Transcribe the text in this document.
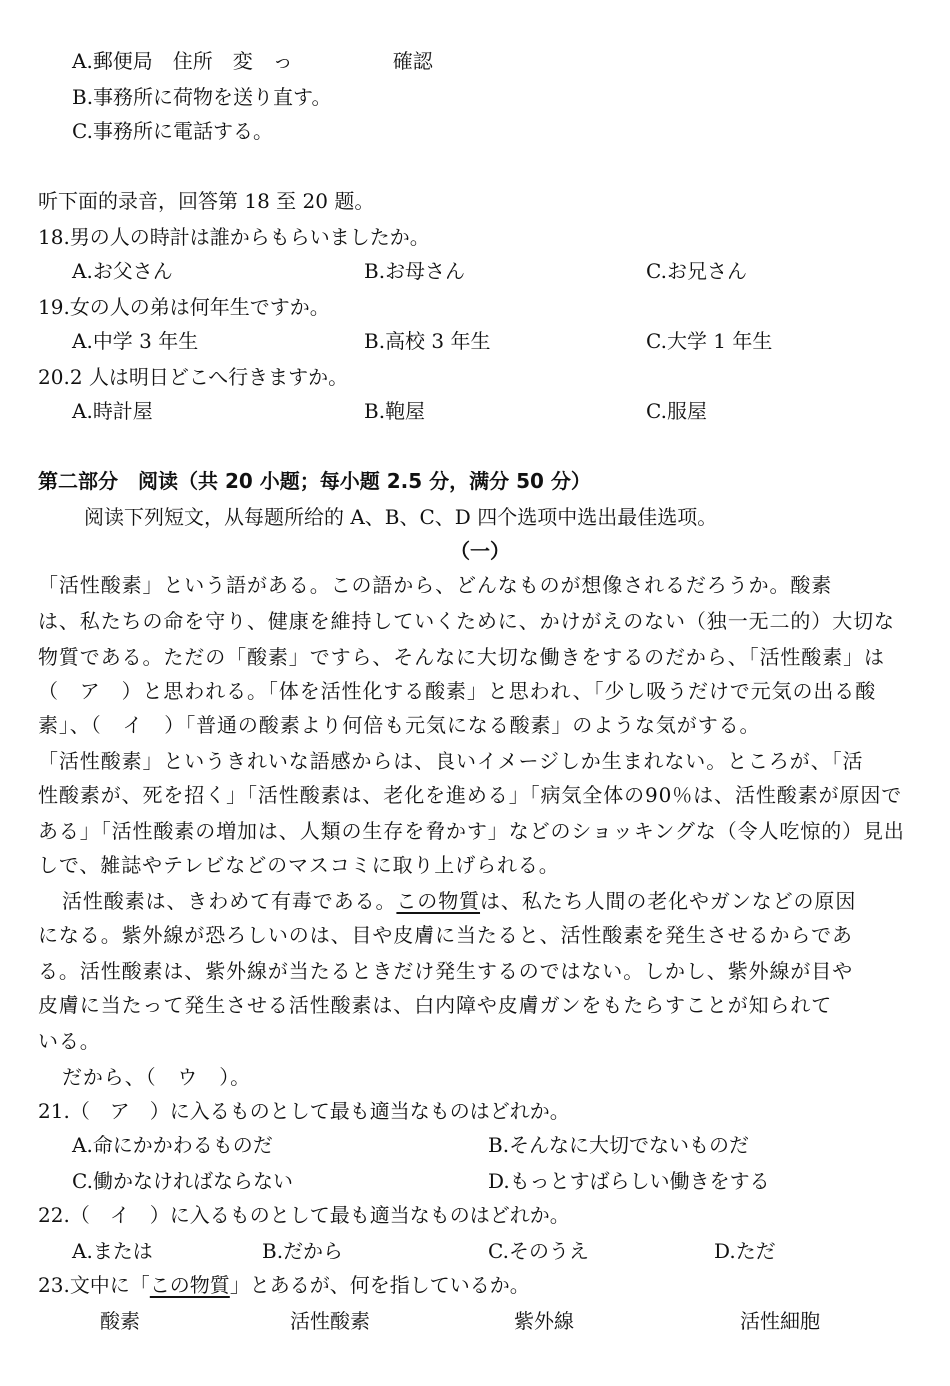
A.郵便局　住所　変　っ　　　　　確認
B.事務所に荷物を送り直す。
C.事務所に電話する。
听下面的录音，回答第 18 至 20 题。
18.男の人の時計は誰からもらいましたか。
A.お父さん	B.お母さん	C.お兄さん
19.女の人の弟は何年生ですか。
A.中学 3 年生	B.高校 3 年生	C.大学 1 年生
20.2 人は明日どこへ行きますか。
A.時計屋	B.鞄屋	C.服屋
第二部分　阅读（共 20 小题；每小题 2.5 分，满分 50 分）
阅读下列短文，从每题所给的 A、B、C、D 四个选项中选出最佳选项。
（一）
「活性酸素」という語がある。この語から、どんなものが想像されるだろうか。酸素
は、私たちの命を守り、健康を維持していくために、かけがえのない（独一无二的）大切な
物質である。ただの「酸素」ですら、そんなに大切な働きをするのだから、「活性酸素」は
（　ア　）と思われる。「体を活性化する酸素」と思われ、「少し吸うだけで元気の出る酸
素」、（　イ　）「普通の酸素より何倍も元気になる酸素」のような気がする。
「活性酸素」というきれいな語感からは、良いイメージしか生まれない。ところが、「活
性酸素が、死を招く」「活性酸素は、老化を進める」「病気全体の90％は、活性酸素が原因で
ある」「活性酸素の増加は、人類の生存を脅かす」などのショッキングな（令人吃惊的）見出
しで、雑誌やテレビなどのマスコミに取り上げられる。
活性酸素は、きわめて有毒である。この物質は、私たち人間の老化やガンなどの原因
になる。紫外線が恐ろしいのは、目や皮膚に当たると、活性酸素を発生させるからであ
る。活性酸素は、紫外線が当たるときだけ発生するのではない。しかし、紫外線が目や
皮膚に当たって発生させる活性酸素は、白内障や皮膚ガンをもたらすことが知られて
いる。
だから、（　ウ　）。
21.（　ア　）に入るものとして最も適当なものはどれか。
A.命にかかわるものだ	B.そんなに大切でないものだ
C.働かなければならない	D.もっとすばらしい働きをする
22.（　イ　）に入るものとして最も適当なものはどれか。
A.または	B.だから	C.そのうえ	D.ただ
23.文中に「この物質」とあるが、何を指しているか。
酸素	活性酸素	紫外線	活性細胞
